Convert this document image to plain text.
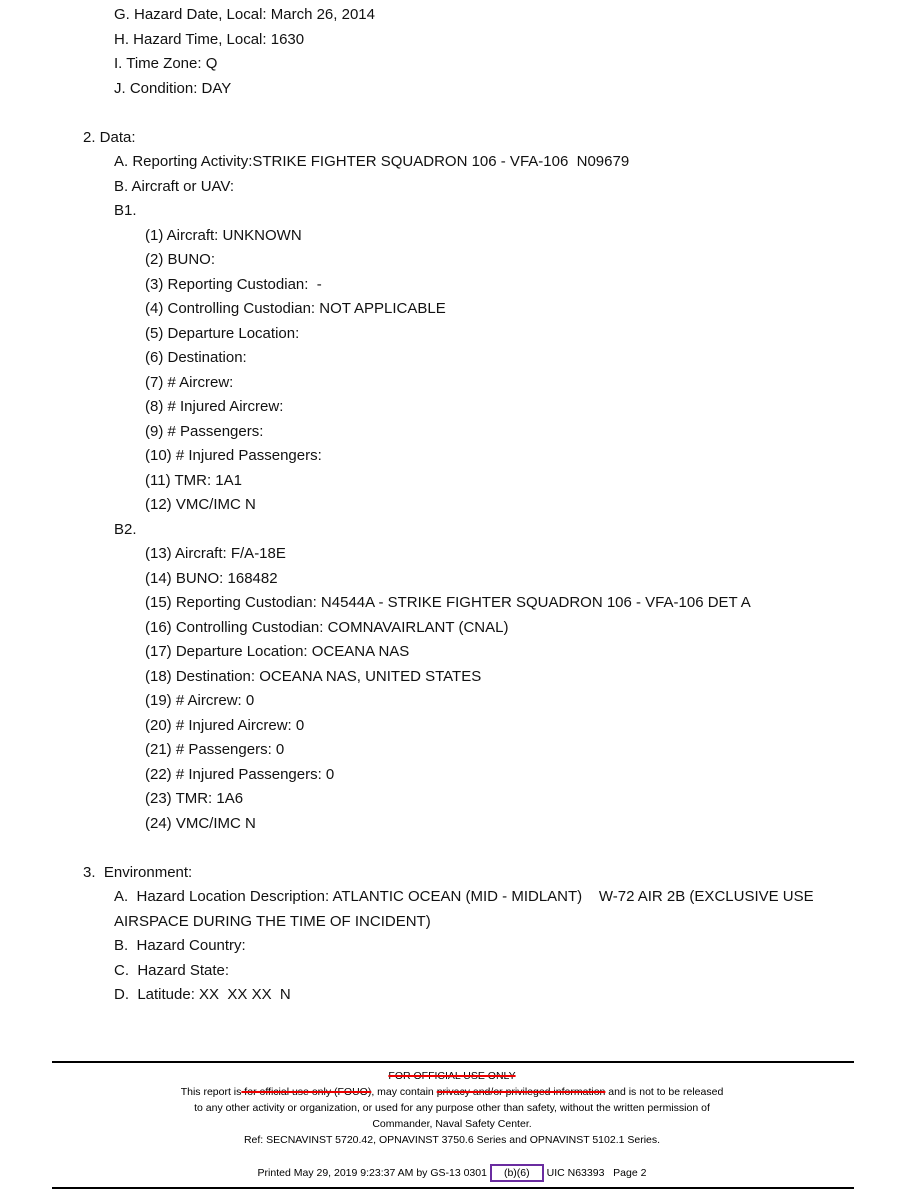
G. Hazard Date, Local: March 26, 2014
H. Hazard Time, Local: 1630
I. Time Zone: Q
J. Condition: DAY
2. Data:
A. Reporting Activity:STRIKE FIGHTER SQUADRON 106 - VFA-106  N09679
B. Aircraft or UAV:
B1.
(1) Aircraft: UNKNOWN
(2) BUNO:
(3) Reporting Custodian:  -
(4) Controlling Custodian: NOT APPLICABLE
(5) Departure Location:
(6) Destination:
(7) # Aircrew:
(8) # Injured Aircrew:
(9) # Passengers:
(10) # Injured Passengers:
(11) TMR: 1A1
(12) VMC/IMC N
B2.
(13) Aircraft: F/A-18E
(14) BUNO: 168482
(15) Reporting Custodian: N4544A - STRIKE FIGHTER SQUADRON 106 - VFA-106 DET A
(16) Controlling Custodian: COMNAVAIRLANT (CNAL)
(17) Departure Location: OCEANA NAS
(18) Destination: OCEANA NAS, UNITED STATES
(19) # Aircrew: 0
(20) # Injured Aircrew: 0
(21) # Passengers: 0
(22) # Injured Passengers: 0
(23) TMR: 1A6
(24) VMC/IMC N
3.  Environment:
A.  Hazard Location Description: ATLANTIC OCEAN (MID - MIDLANT)    W-72 AIR 2B (EXCLUSIVE USE
AIRSPACE DURING THE TIME OF INCIDENT)
B.  Hazard Country:
C.  Hazard State:
D.  Latitude: XX  XX XX  N
FOR OFFICIAL USE ONLY
This report is for official use only (FOUO), may contain privacy and/or privileged information and is not to be released
to any other activity or organization, or used for any purpose other than safety, without the written permission of
Commander, Naval Safety Center.
Ref: SECNAVINST 5720.42, OPNAVINST 3750.6 Series and OPNAVINST 5102.1 Series.
Printed May 29, 2019 9:23:37 AM by GS-13 0301 (b)(6) UIC N63393   Page 2
